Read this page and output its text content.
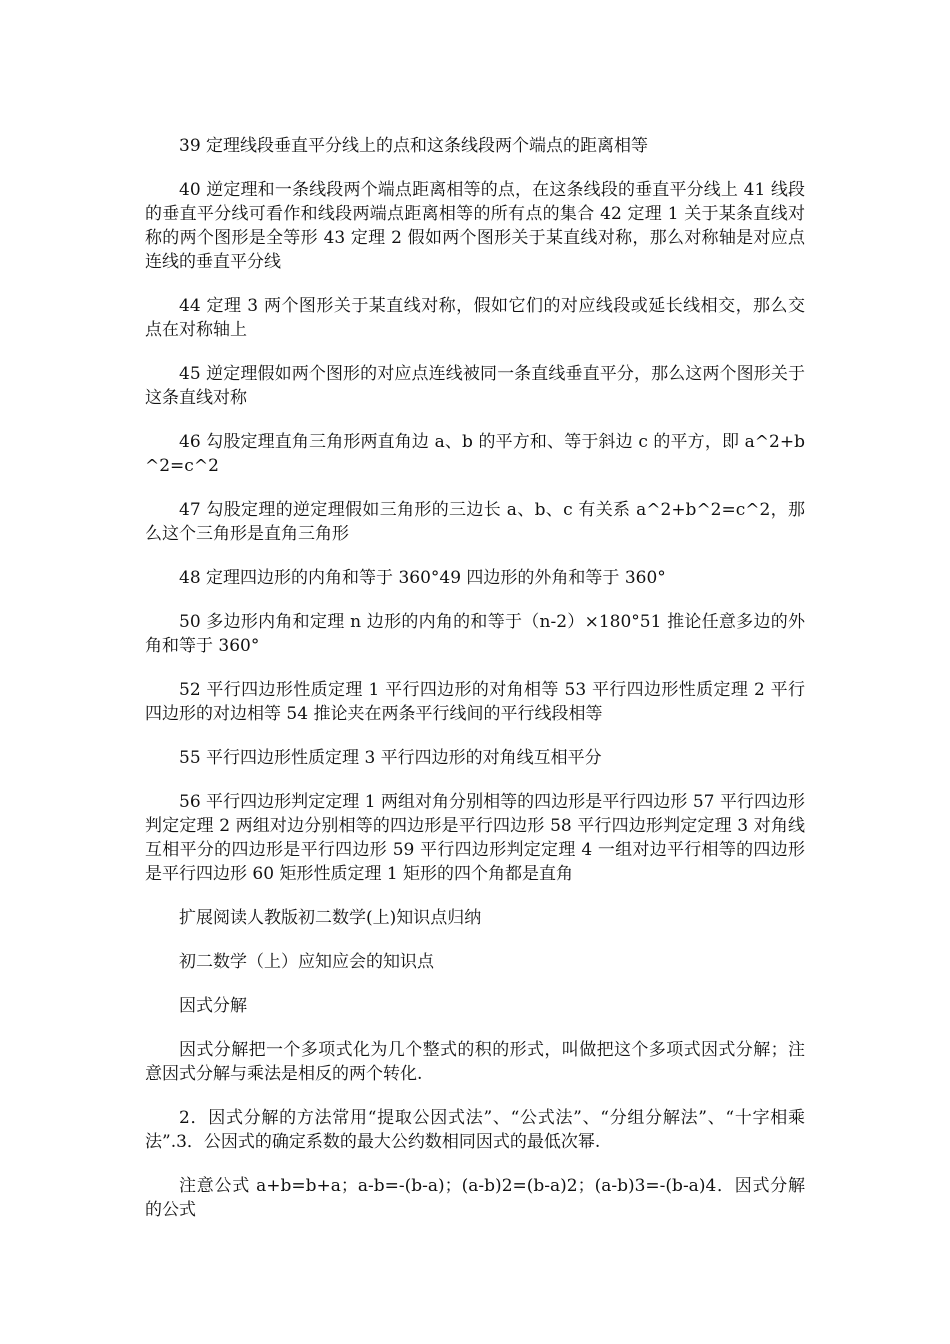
39 定理线段垂直平分线上的点和这条线段两个端点的距离相等

40 逆定理和一条线段两个端点距离相等的点，在这条线段的垂直平分线上 41 线段的垂直平分线可看作和线段两端点距离相等的所有点的集合 42 定理 1 关于某条直线对称的两个图形是全等形 43 定理 2 假如两个图形关于某直线对称，那么对称轴是对应点连线的垂直平分线

44 定理 3 两个图形关于某直线对称，假如它们的对应线段或延长线相交，那么交点在对称轴上

45 逆定理假如两个图形的对应点连线被同一条直线垂直平分，那么这两个图形关于这条直线对称

46 勾股定理直角三角形两直角边 a、b 的平方和、等于斜边 c 的平方，即 a^2+b^2=c^2

47 勾股定理的逆定理假如三角形的三边长 a、b、c 有关系 a^2+b^2=c^2，那么这个三角形是直角三角形

48 定理四边形的内角和等于 360°49 四边形的外角和等于 360°

50 多边形内角和定理 n 边形的内角的和等于（n-2）×180°51 推论任意多边的外角和等于 360°

52 平行四边形性质定理 1 平行四边形的对角相等 53 平行四边形性质定理 2 平行四边形的对边相等 54 推论夹在两条平行线间的平行线段相等

55 平行四边形性质定理 3 平行四边形的对角线互相平分

56 平行四边形判定定理 1 两组对角分别相等的四边形是平行四边形 57 平行四边形判定定理 2 两组对边分别相等的四边形是平行四边形 58 平行四边形判定定理 3 对角线互相平分的四边形是平行四边形 59 平行四边形判定定理 4 一组对边平行相等的四边形是平行四边形 60 矩形性质定理 1 矩形的四个角都是直角

扩展阅读人教版初二数学(上)知识点归纳

初二数学（上）应知应会的知识点

因式分解

因式分解把一个多项式化为几个整式的积的形式，叫做把这个多项式因式分解；注意因式分解与乘法是相反的两个转化.

2．因式分解的方法常用“提取公因式法”、“公式法”、“分组分解法”、“十字相乘法”.3．公因式的确定系数的最大公约数相同因式的最低次幂.

注意公式 a+b=b+a；a-b=-(b-a)；(a-b)2=(b-a)2；(a-b)3=-(b-a)4．因式分解的公式
